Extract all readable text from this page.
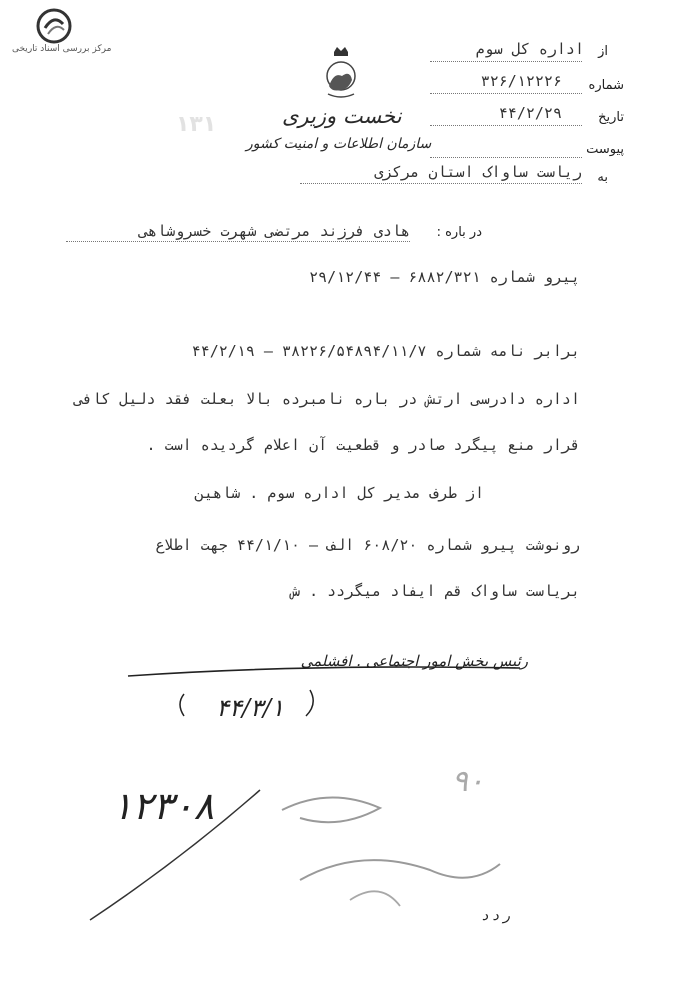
مرکز بررسی اسناد تاریخی
۱۳۱	نخست وزیری
سازمان اطلاعات و امنیت کشور
از
اداره کل سوم
شماره
۳۲۶/۱۲۲۲۶
تاریخ
۴۴/۲/۲۹
پیوست
به
ریاست ساواک استان مرکزی
در باره :
هادی فرزند مرتضی شهرت خسروشاهی
پیرو شماره ۶۸۸۲/۳۲۱ — ۲۹/۱۲/۴۴
برابر نامه شماره ۳۸۲۲۶/۵۴۸۹۴/۱۱/۷ — ۴۴/۲/۱۹
اداره دادرسی ارتش در باره نامبرده بالا بعلت فقد دلیل کافی
قرار منع پیگرد صادر و قطعیت آن اعلام گردیده است .
از طرف مدیر کل اداره سوم . شاهین
رونوشت پیرو شماره ۶۰۸/۲۰ الف — ۴۴/۱/۱۰ جهت اطلاع
بریاست ساواک قم ایفاد میگردد . ش
رئیس بخش امور اجتماعی . افشلمی
۴۴/۳/۱
۱۲۳۰۸
۹۰
ر د د
